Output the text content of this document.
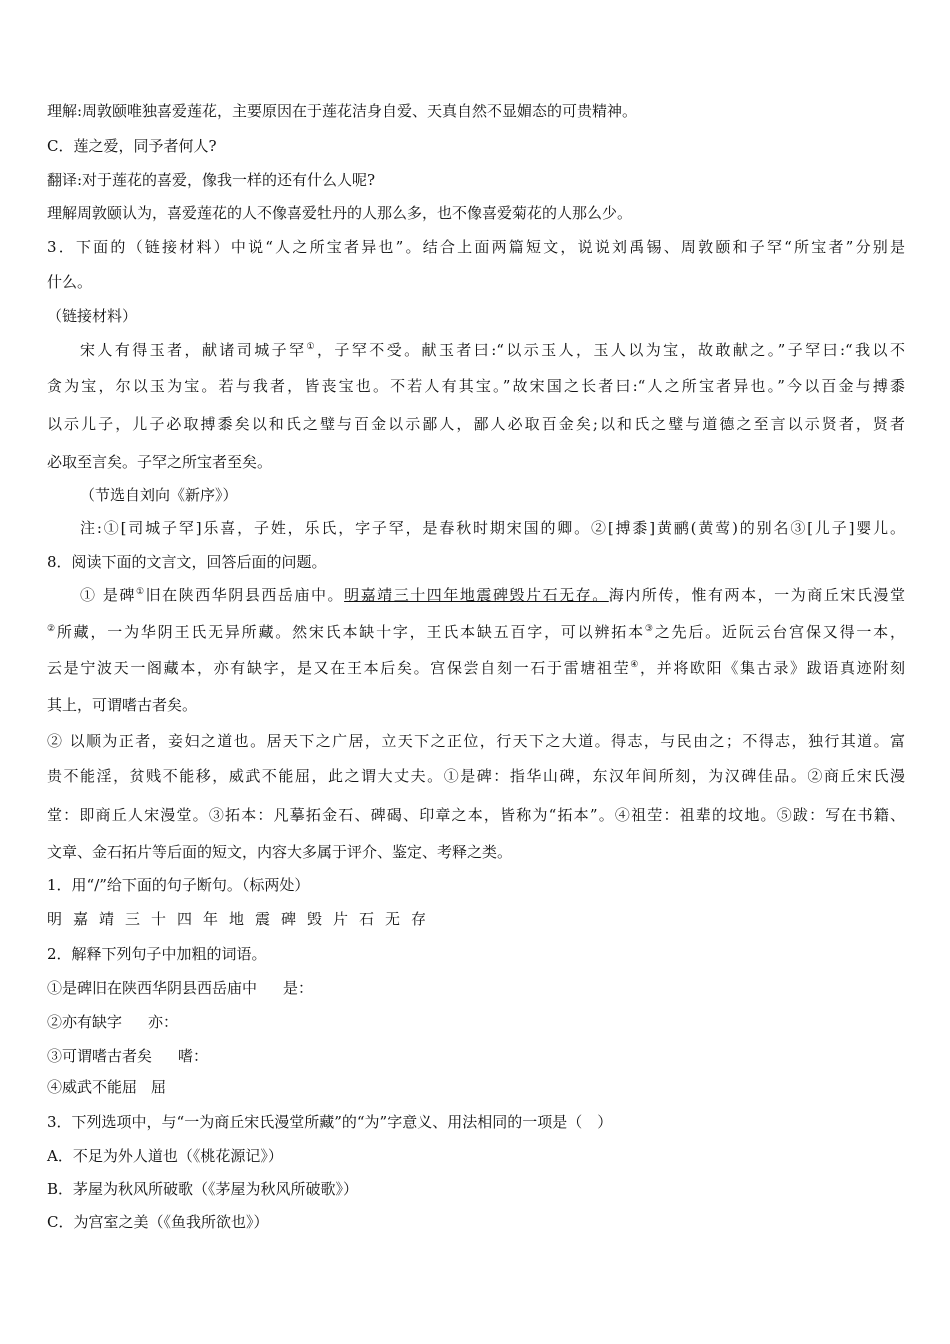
理解:周敦颐唯独喜爱莲花，主要原因在于莲花洁身自爱、天真自然不显媚态的可贵精神。
C．莲之爱，同予者何人?
翻译:对于莲花的喜爱，像我一样的还有什么人呢?
理解周敦颐认为，喜爱莲花的人不像喜爱牡丹的人那么多，也不像喜爱菊花的人那么少。
3．下面的（链接材料）中说“人之所宝者异也”。结合上面两篇短文，说说刘禹锡、周敦颐和子罕“所宝者”分别是
什么。
（链接材料）
宋人有得玉者，献诸司城子罕①，子罕不受。献玉者曰:“以示玉人，玉人以为宝，故敢献之。”子罕曰:“我以不
贪为宝，尔以玉为宝。若与我者，皆丧宝也。不若人有其宝。”故宋国之长者曰:“人之所宝者异也。”今以百金与搏黍
以示儿子，儿子必取搏黍矣以和氏之璧与百金以示鄙人，鄙人必取百金矣;以和氏之璧与道德之至言以示贤者，贤者
必取至言矣。子罕之所宝者至矣。
（节选自刘向《新序》）
注:①[司城子罕]乐喜，子姓，乐氏，字子罕，是春秋时期宋国的卿。②[搏黍]黄鹂(黄莺)的别名③[儿子]婴儿。
8．阅读下面的文言文，回答后面的问题。
① 是碑①旧在陕西华阴县西岳庙中。明嘉靖三十四年地震碑毁片石无存。海内所传，惟有两本，一为商丘宋氏漫堂
②所藏，一为华阴王氏无异所藏。然宋氏本缺十字，王氏本缺五百字，可以辨拓本③之先后。近阮云台宫保又得一本，
云是宁波天一阁藏本，亦有缺字，是又在王本后矣。宫保尝自刻一石于雷塘祖茔④，并将欧阳《集古录》跋语真迹附刻
其上，可谓嗜古者矣。
② 以顺为正者，妾妇之道也。居天下之广居，立天下之正位，行天下之大道。得志，与民由之；不得志，独行其道。富
贵不能淫，贫贱不能移，威武不能屈，此之谓大丈夫。①是碑：指华山碑，东汉年间所刻，为汉碑佳品。②商丘宋氏漫
堂：即商丘人宋漫堂。③拓本：凡摹拓金石、碑碣、印章之本，皆称为“拓本”。④祖茔：祖辈的坟地。⑤跋：写在书籍、
文章、金石拓片等后面的短文，内容大多属于评介、鉴定、考释之类。
1．用“/”给下面的句子断句。（标两处）
明嘉靖三十四年地震碑毁片石无存
2．解释下列句子中加粗的词语。
①是碑旧在陕西华阴县西岳庙中 是：
②亦有缺字 亦：
③可谓嗜古者矣 嗜：
④威武不能屈 屈
3．下列选项中，与“一为商丘宋氏漫堂所藏”的“为”字意义、用法相同的一项是（　）
A．不足为外人道也（《桃花源记》）
B．茅屋为秋风所破歌（《茅屋为秋风所破歌》）
C．为宫室之美（《鱼我所欲也》）
